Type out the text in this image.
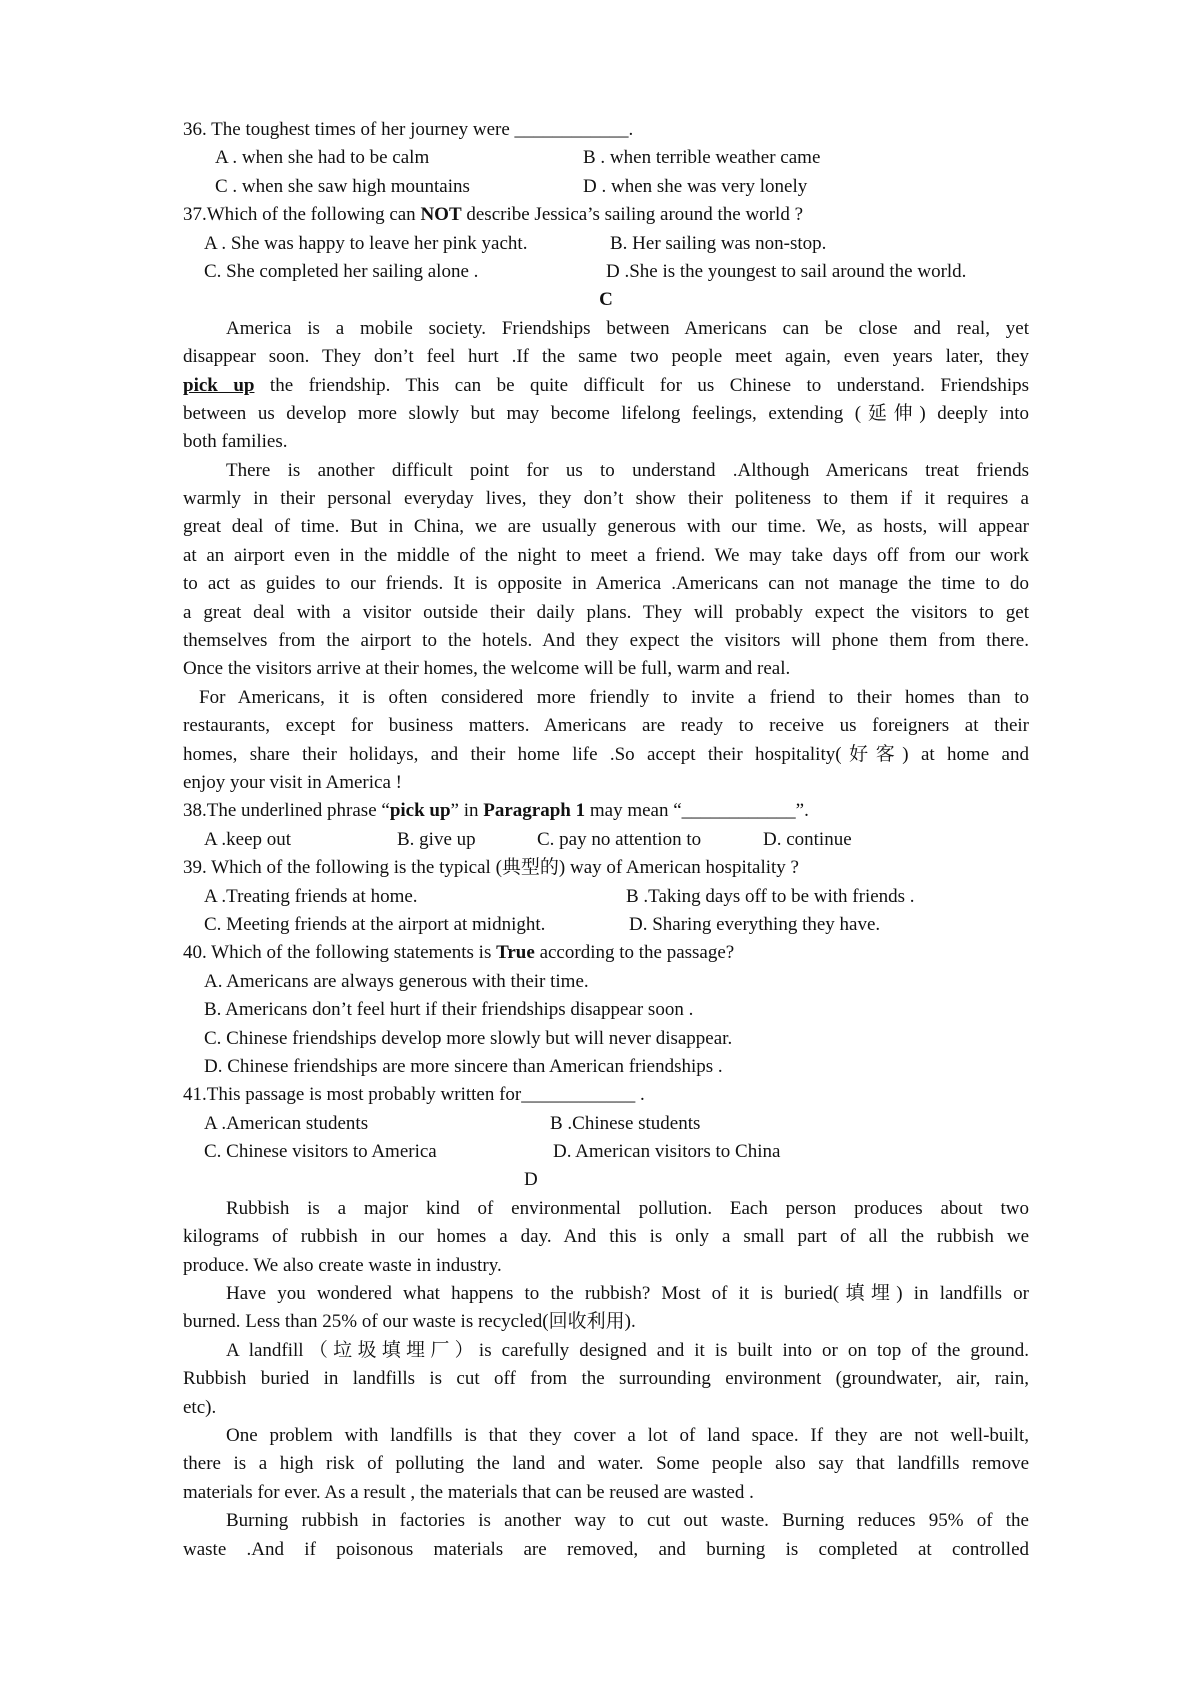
36. The toughest times of her journey were ____________.
A . when she had to be calm	B . when terrible weather came
C . when she saw high mountains	D . when she was very lonely
37.Which of the following can NOT describe Jessica’s sailing around the world ?
A . She was happy to leave her pink yacht.	B. Her sailing was non-stop.
C. She completed her sailing alone .	D .She is the youngest to sail around the world.
C
America is a mobile society. Friendships between Americans can be close and real, yet
disappear soon. They don’t feel hurt .If the same two people meet again, even years later, they
pick up the friendship. This can be quite difficult for us Chinese to understand. Friendships
between us develop more slowly but may become lifelong feelings, extending (延伸) deeply into
both families.
There is another difficult point for us to understand .Although Americans treat friends
warmly in their personal everyday lives, they don’t show their politeness to them if it requires a
great deal of time. But in China, we are usually generous with our time. We, as hosts, will appear
at an airport even in the middle of the night to meet a friend. We may take days off from our work
to act as guides to our friends. It is opposite in America .Americans can not manage the time to do
a great deal with a visitor outside their daily plans. They will probably expect the visitors to get
themselves from the airport to the hotels. And they expect the visitors will phone them from there.
Once the visitors arrive at their homes, the welcome will be full, warm and real.
For Americans, it is often considered more friendly to invite a friend to their homes than to
restaurants, except for business matters. Americans are ready to receive us foreigners at their
homes, share their holidays, and their home life .So accept their hospitality(好客) at home and
enjoy your visit in America !
38.The underlined phrase “pick up” in Paragraph 1 may mean “____________”.
A .keep out	B. give up	C. pay no attention to	D. continue
39. Which of the following is the typical (典型的) way of American hospitality ?
A .Treating friends at home.	B .Taking days off to be with friends .
C. Meeting friends at the airport at midnight.	D. Sharing everything they have.
40. Which of the following statements is True according to the passage?
A. Americans are always generous with their time.
B. Americans don’t feel hurt if their friendships disappear soon .
C. Chinese friendships develop more slowly but will never disappear.
D. Chinese friendships are more sincere than American friendships .
41.This passage is most probably written for____________ .
A .American students	B .Chinese students
C. Chinese visitors to America	D. American visitors to China
D
Rubbish is a major kind of environmental pollution. Each person produces about two
kilograms of rubbish in our homes a day. And this is only a small part of all the rubbish we
produce. We also create waste in industry.
Have you wondered what happens to the rubbish? Most of it is buried(填埋) in landfills or
burned. Less than 25% of our waste is recycled(回收利用).
A landfill（垃圾填埋厂）is carefully designed and it is built into or on top of the ground.
Rubbish buried in landfills is cut off from the surrounding environment (groundwater, air, rain,
etc).
One problem with landfills is that they cover a lot of land space. If they are not well-built,
there is a high risk of polluting the land and water. Some people also say that landfills remove
materials for ever. As a result , the materials that can be reused are wasted .
Burning rubbish in factories is another way to cut out waste. Burning reduces 95% of the
waste .And if poisonous materials are removed, and burning is completed at controlled
